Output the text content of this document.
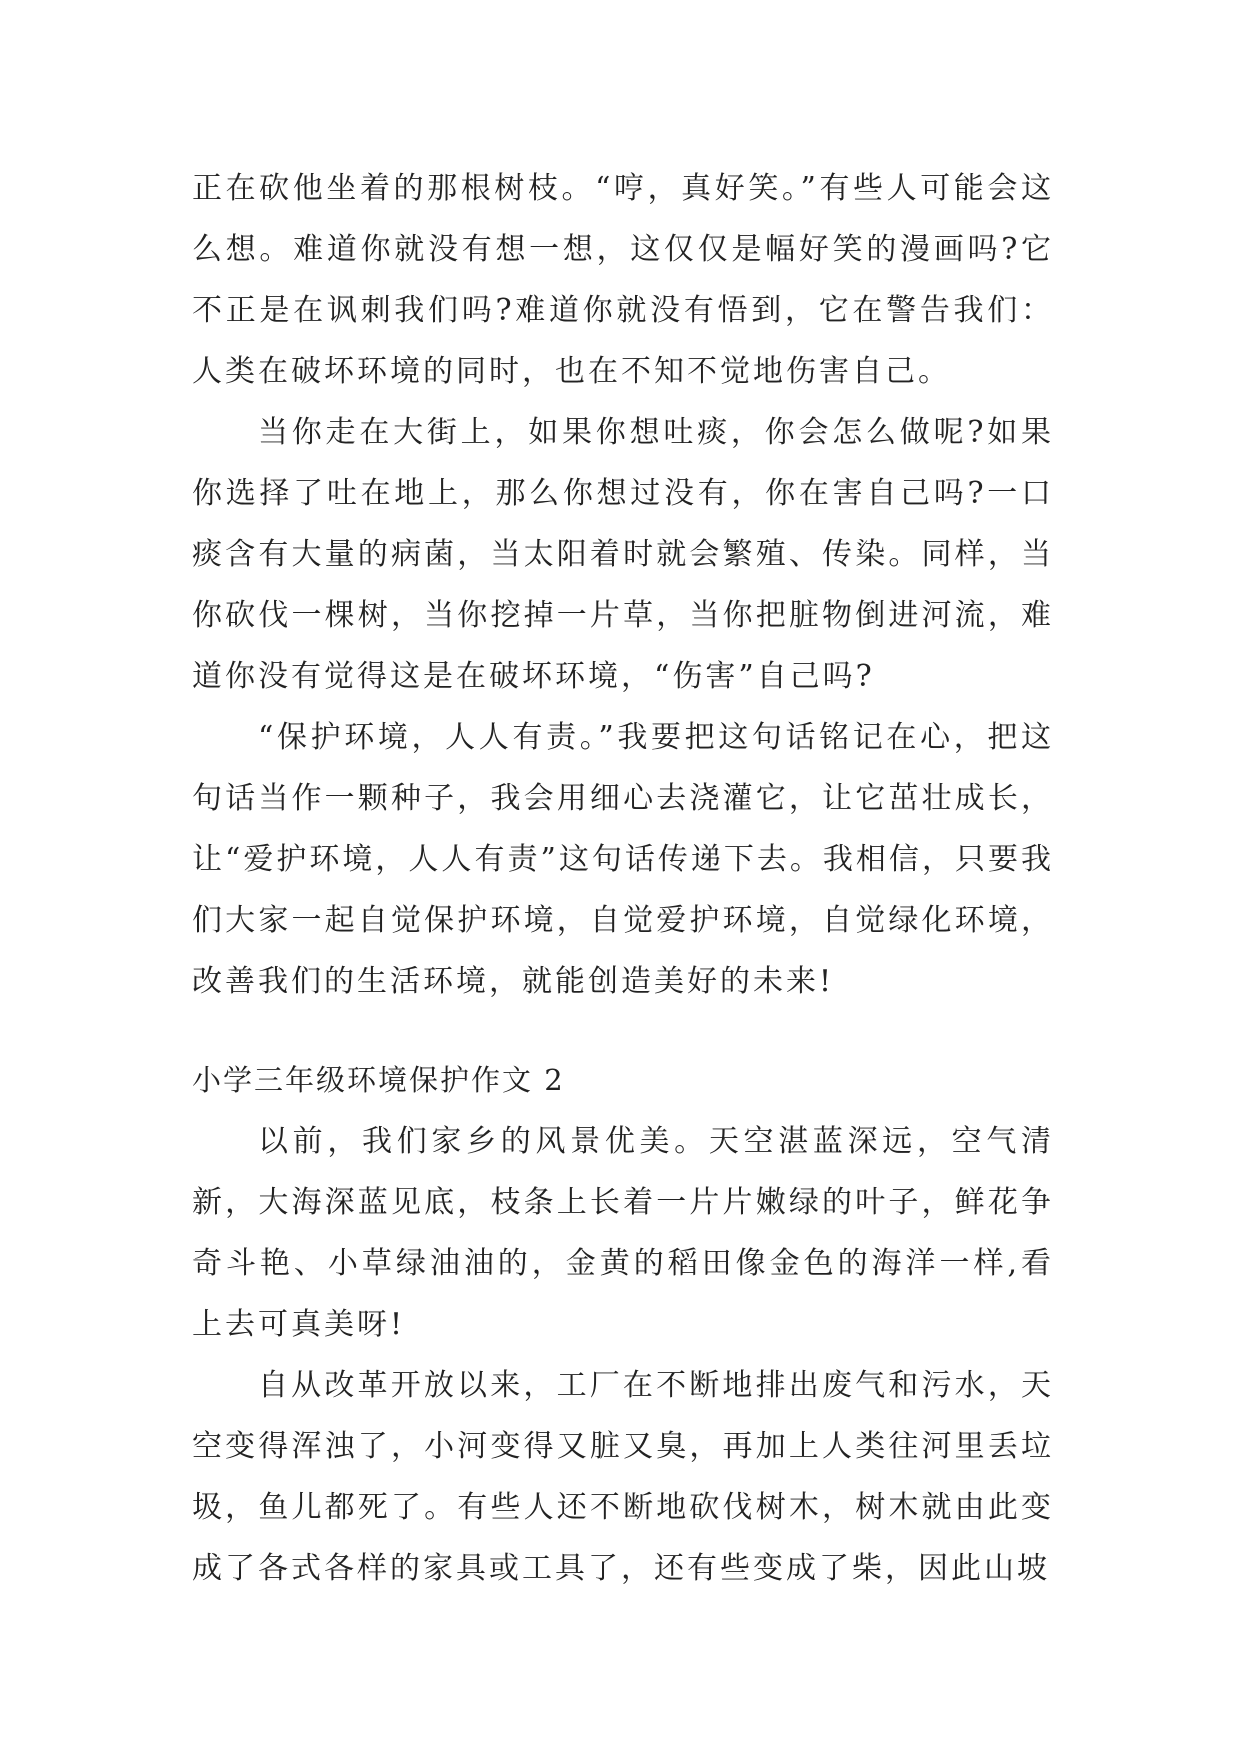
正在砍他坐着的那根树枝。“哼，真好笑。”有些人可能会这么想。难道你就没有想一想，这仅仅是幅好笑的漫画吗?它不正是在讽刺我们吗?难道你就没有悟到，它在警告我们：人类在破坏环境的同时，也在不知不觉地伤害自己。

当你走在大街上，如果你想吐痰，你会怎么做呢?如果你选择了吐在地上，那么你想过没有，你在害自己吗?一口痰含有大量的病菌，当太阳着时就会繁殖、传染。同样，当你砍伐一棵树，当你挖掉一片草，当你把脏物倒进河流，难道你没有觉得这是在破坏环境，“伤害”自己吗?

“保护环境，人人有责。”我要把这句话铭记在心，把这句话当作一颗种子，我会用细心去浇灌它，让它茁壮成长，让“爱护环境，人人有责”这句话传递下去。我相信，只要我们大家一起自觉保护环境，自觉爱护环境，自觉绿化环境，改善我们的生活环境，就能创造美好的未来!

小学三年级环境保护作文 2

以前，我们家乡的风景优美。天空湛蓝深远，空气清新，大海深蓝见底，枝条上长着一片片嫩绿的叶子，鲜花争奇斗艳、小草绿油油的，金黄的稻田像金色的海洋一样,看上去可真美呀!

自从改革开放以来，工厂在不断地排出废气和污水，天空变得浑浊了，小河变得又脏又臭，再加上人类往河里丢垃圾，鱼儿都死了。有些人还不断地砍伐树木，树木就由此变成了各式各样的家具或工具了，还有些变成了柴，因此山坡
